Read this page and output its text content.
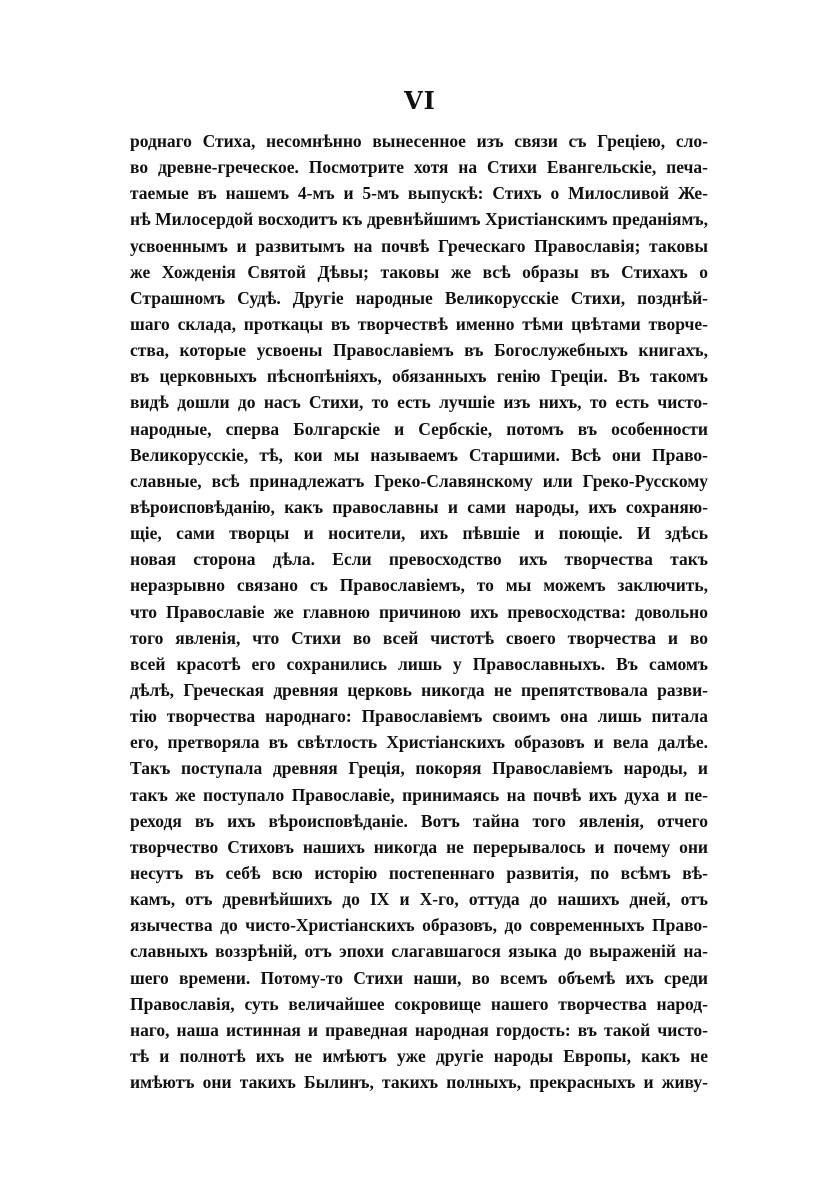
VI
роднаго Стиха, несомнѣнно вынесенное изъ связи съ Греціею, сло-
во древне-греческое. Посмотрите хотя на Стихи Евангельскіе, печа-
таемые въ нашемъ 4-мъ и 5-мъ выпускѣ: Стихъ о Милосливой Же-
нѣ Милосердой восходитъ къ древнѣйшимъ Христіанскимъ преданіямъ,
усвоеннымъ и развитымъ на почвѣ Греческаго Православія; таковы
же Хожденія Святой Дѣвы; таковы же всѣ образы въ Стихахъ о
Страшномъ Судѣ. Другіе народные Великорусскіе Стихи, позднѣй-
шаго склада, проткацы въ творчествѣ именно тѣми цвѣтами творче-
ства, которые усвоены Православіемъ въ Богослужебныхъ книгахъ,
въ церковныхъ пѣснопѣніяхъ, обязанныхъ генію Греціи. Въ такомъ
видѣ дошли до насъ Стихи, то есть лучшіе изъ нихъ, то есть чисто-
народные, сперва Болгарскіе и Сербскіе, потомъ въ особенности
Великорусскіе, тѣ, кои мы называемъ Старшими. Всѣ они Право-
славные, всѣ принадлежатъ Греко-Славянскому или Греко-Русскому
вѣроисповѣданію, какъ православны и сами народы, ихъ сохраняю-
щіе, сами творцы и носители, ихъ пѣвшіе и поющіе. И здѣсь
новая сторона дѣла. Если превосходство ихъ творчества такъ
неразрывно связано съ Православіемъ, то мы можемъ заключить,
что Православіе же главною причиною ихъ превосходства: довольно
того явленія, что Стихи во всей чистотѣ своего творчества и во
всей красотѣ его сохранились лишь у Православныхъ. Въ самомъ
дѣлѣ, Греческая древняя церковь никогда не препятствовала разви-
тію творчества народнаго: Православіемъ своимъ она лишь питала
его, претворяла въ свѣтлость Христіанскихъ образовъ и вела далѣе.
Такъ поступала древняя Греція, покоряя Православіемъ народы, и
такъ же поступало Православіе, принимаясь на почвѣ ихъ духа и пе-
реходя въ ихъ вѣроисповѣданіе. Вотъ тайна того явленія, отчего
творчество Стиховъ нашихъ никогда не перерывалось и почему они
несутъ въ себѣ всю исторію постепеннаго развитія, по всѣмъ вѣ-
камъ, отъ древнѣйшихъ до IX и X-го, оттуда до нашихъ дней, отъ
язычества до чисто-Христіанскихъ образовъ, до современныхъ Право-
славныхъ воззрѣній, отъ эпохи слагавшагося языка до выраженій на-
шего времени. Потому-то Стихи наши, во всемъ объемѣ ихъ среди
Православія, суть величайшее сокровище нашего творчества народ-
наго, наша истинная и праведная народная гордость: въ такой чисто-
тѣ и полнотѣ ихъ не имѣютъ уже другіе народы Европы, какъ не
имѣютъ они такихъ Былинъ, такихъ полныхъ, прекрасныхъ и живу-
